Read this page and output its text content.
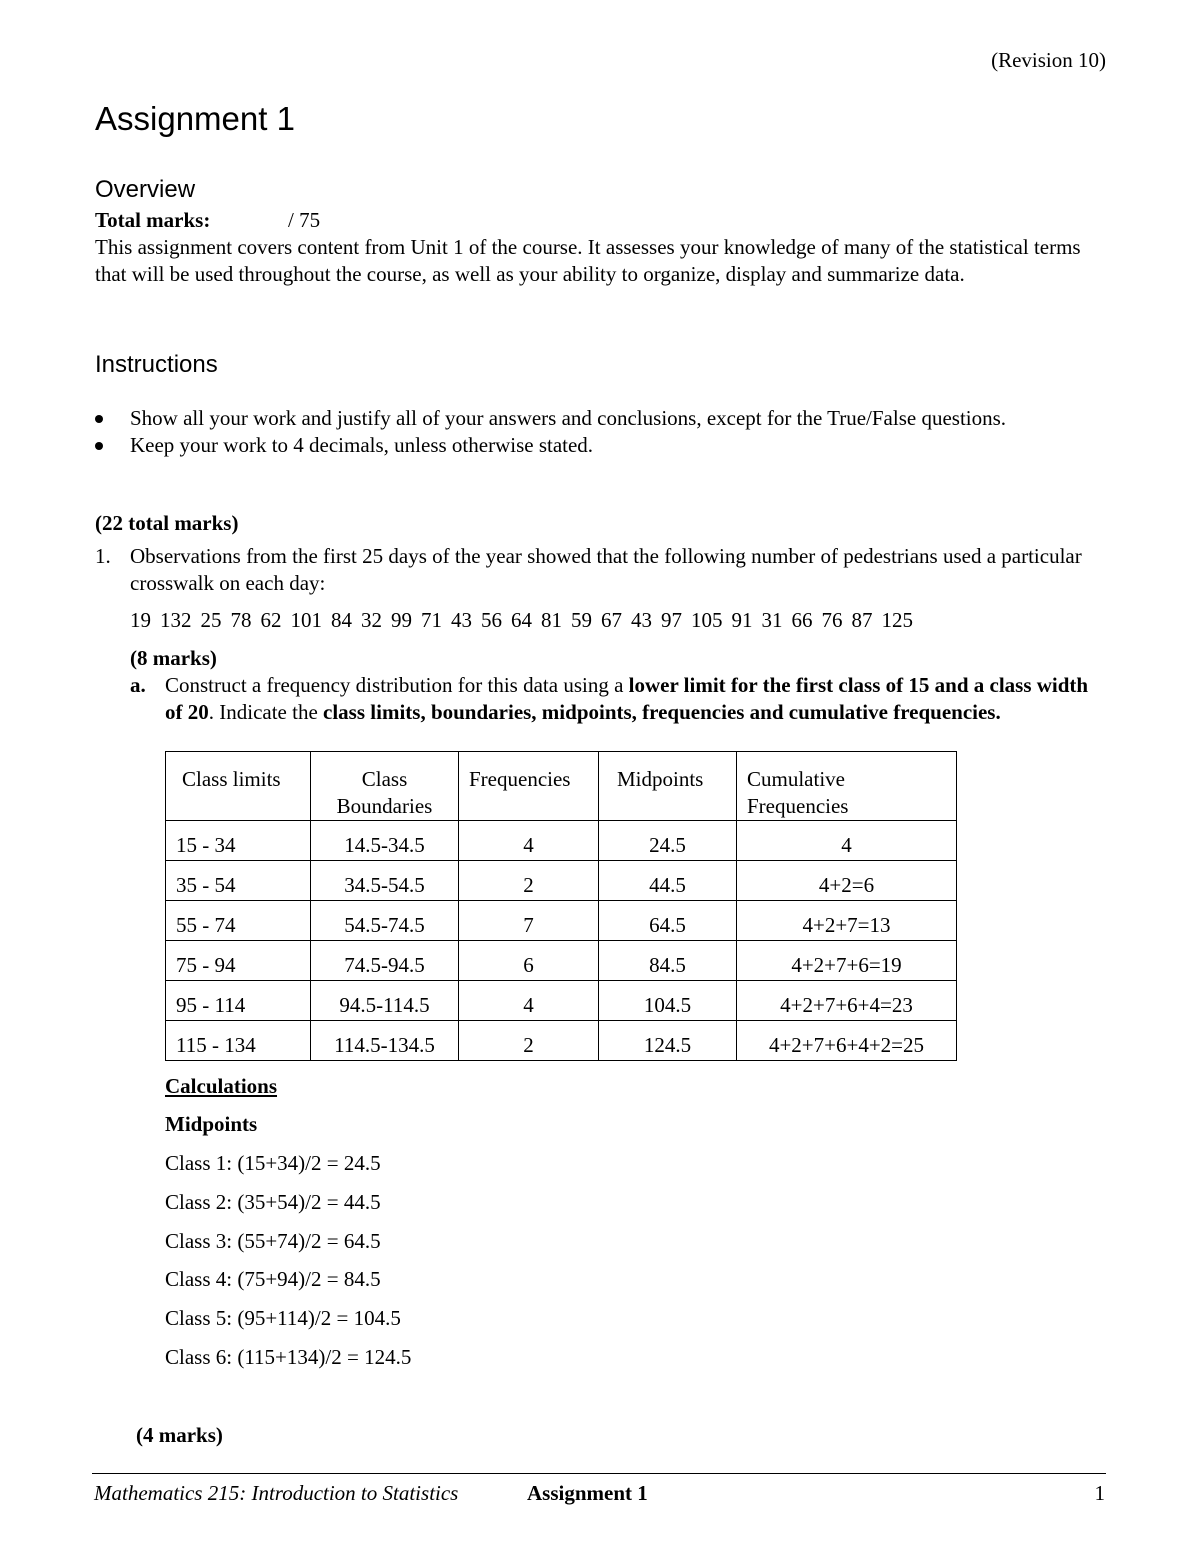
(Revision 10)
Assignment 1
Overview
Total marks:	/ 75
This assignment covers content from Unit 1 of the course. It assesses your knowledge of many of the statistical terms that will be used throughout the course, as well as your ability to organize, display and summarize data.
Instructions
Show all your work and justify all of your answers and conclusions, except for the True/False questions.
Keep your work to 4 decimals, unless otherwise stated.
(22 total marks)
1. Observations from the first 25 days of the year showed that the following number of pedestrians used a particular crosswalk on each day:
19 132 25 78 62 101 84 32 99 71 43 56 64 81 59 67 43 97 105 91 31 66 76 87 125
(8 marks)
a. Construct a frequency distribution for this data using a lower limit for the first class of 15 and a class width of 20. Indicate the class limits, boundaries, midpoints, frequencies and cumulative frequencies.
Class limits	Class Boundaries	Frequencies	Midpoints	Cumulative Frequencies
15 - 34	14.5-34.5	4	24.5	4
35 - 54	34.5-54.5	2	44.5	4+2=6
55 - 74	54.5-74.5	7	64.5	4+2+7=13
75 - 94	74.5-94.5	6	84.5	4+2+7+6=19
95 - 114	94.5-114.5	4	104.5	4+2+7+6+4=23
115 - 134	114.5-134.5	2	124.5	4+2+7+6+4+2=25
Calculations
Midpoints
Class 1: (15+34)/2 = 24.5
Class 2: (35+54)/2 = 44.5
Class 3: (55+74)/2 = 64.5
Class 4: (75+94)/2 = 84.5
Class 5: (95+114)/2 = 104.5
Class 6: (115+134)/2 = 124.5
(4 marks)
Mathematics 215: Introduction to Statistics	Assignment 1	1
